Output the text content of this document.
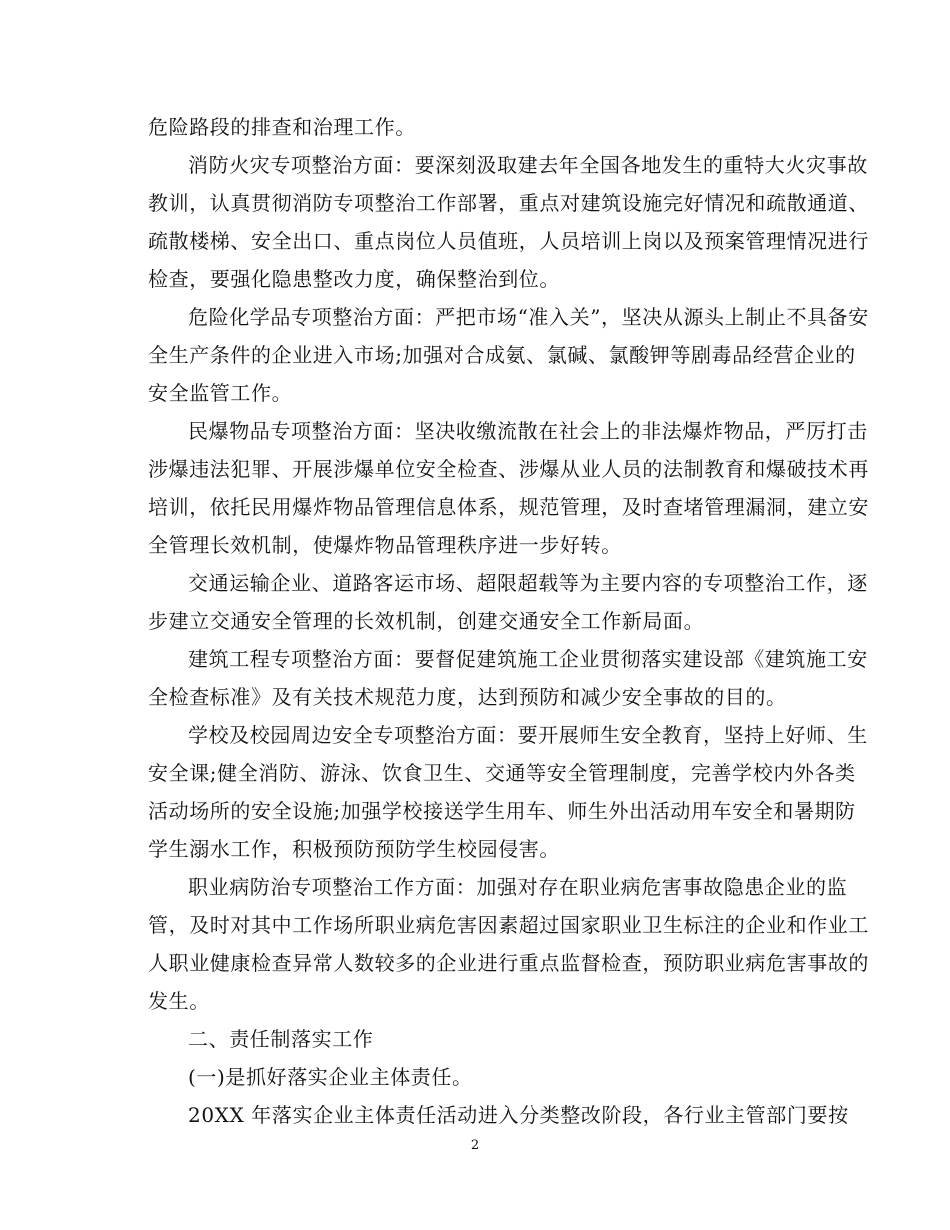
危险路段的排查和治理工作。
消防火灾专项整治方面：要深刻汲取建去年全国各地发生的重特大火灾事故
教训，认真贯彻消防专项整治工作部署，重点对建筑设施完好情况和疏散通道、
疏散楼梯、安全出口、重点岗位人员值班，人员培训上岗以及预案管理情况进行
检查，要强化隐患整改力度，确保整治到位。
危险化学品专项整治方面：严把市场“准入关”，坚决从源头上制止不具备安
全生产条件的企业进入市场;加强对合成氨、氯碱、氯酸钾等剧毒品经营企业的
安全监管工作。
民爆物品专项整治方面：坚决收缴流散在社会上的非法爆炸物品，严厉打击
涉爆违法犯罪、开展涉爆单位安全检查、涉爆从业人员的法制教育和爆破技术再
培训，依托民用爆炸物品管理信息体系，规范管理，及时查堵管理漏洞，建立安
全管理长效机制，使爆炸物品管理秩序进一步好转。
交通运输企业、道路客运市场、超限超载等为主要内容的专项整治工作，逐
步建立交通安全管理的长效机制，创建交通安全工作新局面。
建筑工程专项整治方面：要督促建筑施工企业贯彻落实建设部《建筑施工安
全检查标准》及有关技术规范力度，达到预防和减少安全事故的目的。
学校及校园周边安全专项整治方面：要开展师生安全教育，坚持上好师、生
安全课;健全消防、游泳、饮食卫生、交通等安全管理制度，完善学校内外各类
活动场所的安全设施;加强学校接送学生用车、师生外出活动用车安全和暑期防
学生溺水工作，积极预防预防学生校园侵害。
职业病防治专项整治工作方面：加强对存在职业病危害事故隐患企业的监
管，及时对其中工作场所职业病危害因素超过国家职业卫生标注的企业和作业工
人职业健康检查异常人数较多的企业进行重点监督检查，预防职业病危害事故的
发生。
二、责任制落实工作
(一)是抓好落实企业主体责任。
20XX 年落实企业主体责任活动进入分类整改阶段，各行业主管部门要按
2
